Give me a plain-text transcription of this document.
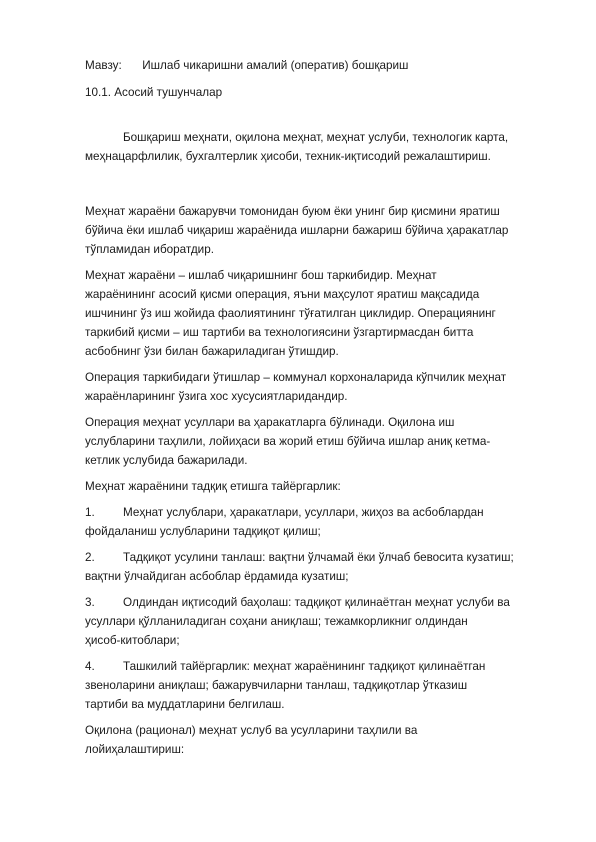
Мавзу: Ишлаб чикаришни амалий (оператив) бошқариш

10.1. Асосий тушунчалар

Бошқариш меҳнати, оқилона меҳнат, меҳнат услуби, технологик карта,
меҳнацарфлилик, бухгалтерлик ҳисоби, техник-иқтисодий режалаштириш.

Меҳнат жараёни бажарувчи томонидан буюм ёки унинг бир қисмини яратиш
бўйича ёки ишлаб чиқариш жараёнида ишларни бажариш бўйича ҳаракатлар
тўпламидан иборатдир.

Меҳнат жараёни – ишлаб чиқаришнинг бош таркибидир. Меҳнат
жараёнининг асосий қисми операция, яъни маҳсулот яратиш мақсадида
ишчининг ўз иш жойида фаолиятининг тўғатилган циклидир. Операциянинг
таркибий қисми – иш тартиби ва технологиясини ўзгартирмасдан битта
асбобнинг ўзи билан бажариладиган ўтишдир.

Операция таркибидаги ўтишлар – коммунал корхоналарида кўпчилик меҳнат
жараёнларининг ўзига хос хусусиятларидандир.

Операция меҳнат усуллари ва ҳаракатларга бўлинади. Оқилона иш
услубларини таҳлили, лойиҳаси ва жорий етиш бўйича ишлар аниқ кетма-
кетлик услубида бажарилади.

Меҳнат жараёнини тадқиқ етишга тайёргарлик:

1. Меҳнат услублари, ҳаракатлари, усуллари, жиҳоз ва асбоблардан
фойдаланиш услубларини тадқиқот қилиш;

2. Тадқиқот усулини танлаш: вақтни ўлчамай ёки ўлчаб бевосита кузатиш;
вақтни ўлчайдиган асбоблар ёрдамида кузатиш;

3. Олдиндан иқтисодий баҳолаш: тадқиқот қилинаётган меҳнат услуби ва
усуллари қўлланиладиган соҳани аниқлаш; тежамкорликниг олдиндан
ҳисоб-китоблари;

4. Ташкилий тайёргарлик: меҳнат жараёнининг тадқиқот қилинаётган
звеноларини аниқлаш; бажарувчиларни танлаш, тадқиқотлар ўтказиш
тартиби ва муддатларини белгилаш.

Оқилона (рационал) меҳнат услуб ва усулларини таҳлили ва
лойиҳалаштириш:
